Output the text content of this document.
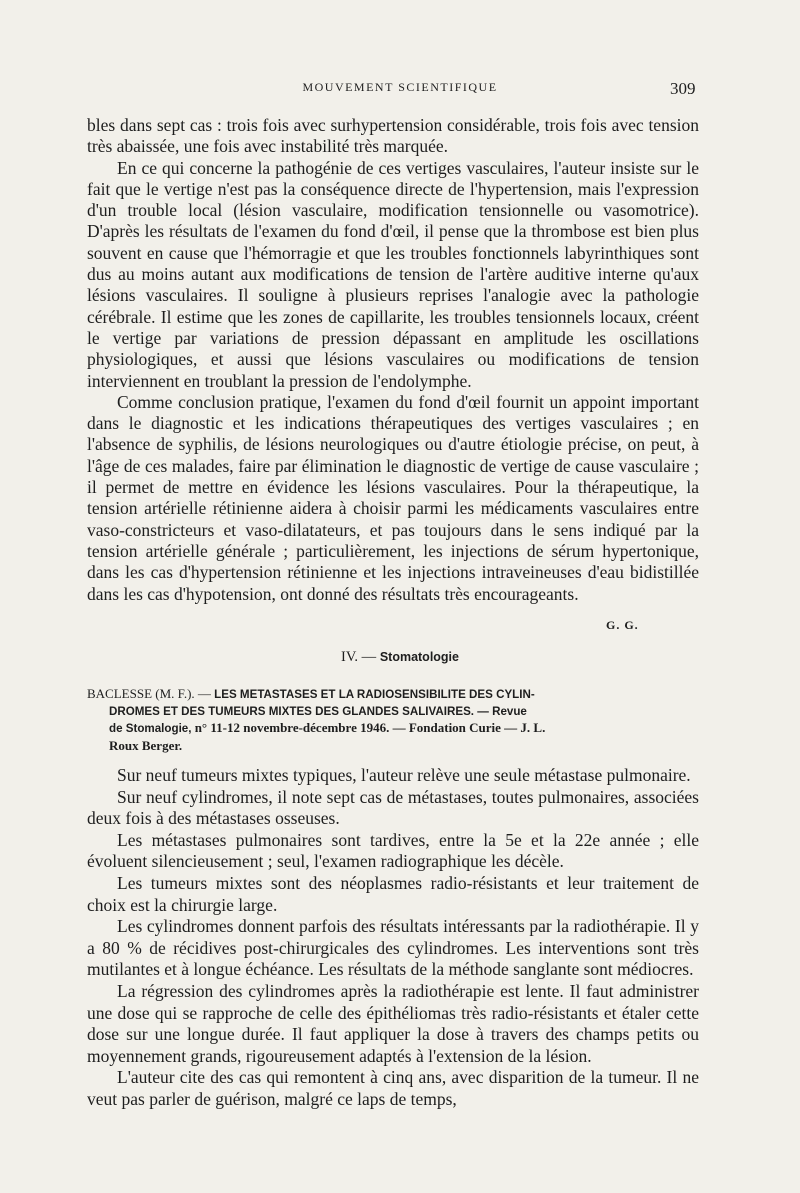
MOUVEMENT SCIENTIFIQUE	309

bles dans sept cas : trois fois avec surhypertension considérable, trois fois avec tension très abaissée, une fois avec instabilité très marquée.

En ce qui concerne la pathogénie de ces vertiges vasculaires, l'auteur insiste sur le fait que le vertige n'est pas la conséquence directe de l'hypertension, mais l'expression d'un trouble local (lésion vasculaire, modification tensionnelle ou vasomotrice). D'après les résultats de l'examen du fond d'œil, il pense que la thrombose est bien plus souvent en cause que l'hémorragie et que les troubles fonctionnels labyrinthiques sont dus au moins autant aux modifications de tension de l'artère auditive interne qu'aux lésions vasculaires. Il souligne à plusieurs reprises l'analogie avec la pathologie cérébrale. Il estime que les zones de capillarite, les troubles tensionnels locaux, créent le vertige par variations de pression dépassant en amplitude les oscillations physiologiques, et aussi que lésions vasculaires ou modifications de tension interviennent en troublant la pression de l'endolymphe.

Comme conclusion pratique, l'examen du fond d'œil fournit un appoint important dans le diagnostic et les indications thérapeutiques des vertiges vasculaires ; en l'absence de syphilis, de lésions neurologiques ou d'autre étiologie précise, on peut, à l'âge de ces malades, faire par élimination le diagnostic de vertige de cause vasculaire ; il permet de mettre en évidence les lésions vasculaires. Pour la thérapeutique, la tension artérielle rétinienne aidera à choisir parmi les médicaments vasculaires entre vaso-constricteurs et vaso-dilatateurs, et pas toujours dans le sens indiqué par la tension artérielle générale ; particulièrement, les injections de sérum hypertonique, dans les cas d'hypertension rétinienne et les injections intraveineuses d'eau bidistillée dans les cas d'hypotension, ont donné des résultats très encourageants.

G. G.
IV. — Stomatologie
BACLESSE (M. F.). — LES METASTASES ET LA RADIOSENSIBILITE DES CYLIN-
DROMES ET DES TUMEURS MIXTES DES GLANDES SALIVAIRES. — Revue
de Stomalogie, n° 11-12 novembre-décembre 1946. — Fondation Curie — J. L.
Roux Berger.

Sur neuf tumeurs mixtes typiques, l'auteur relève une seule métastase pulmonaire.

Sur neuf cylindromes, il note sept cas de métastases, toutes pulmonaires, associées deux fois à des métastases osseuses.

Les métastases pulmonaires sont tardives, entre la 5e et la 22e année ; elle évoluent silencieusement ; seul, l'examen radiographique les décèle.

Les tumeurs mixtes sont des néoplasmes radio-résistants et leur traitement de choix est la chirurgie large.

Les cylindromes donnent parfois des résultats intéressants par la radiothérapie. Il y a 80 % de récidives post-chirurgicales des cylindromes. Les interventions sont très mutilantes et à longue échéance. Les résultats de la méthode sanglante sont médiocres.

La régression des cylindromes après la radiothérapie est lente. Il faut administrer une dose qui se rapproche de celle des épithéliomas très radio-résistants et étaler cette dose sur une longue durée. Il faut appliquer la dose à travers des champs petits ou moyennement grands, rigoureusement adaptés à l'extension de la lésion.

L'auteur cite des cas qui remontent à cinq ans, avec disparition de la tumeur. Il ne veut pas parler de guérison, malgré ce laps de temps,
